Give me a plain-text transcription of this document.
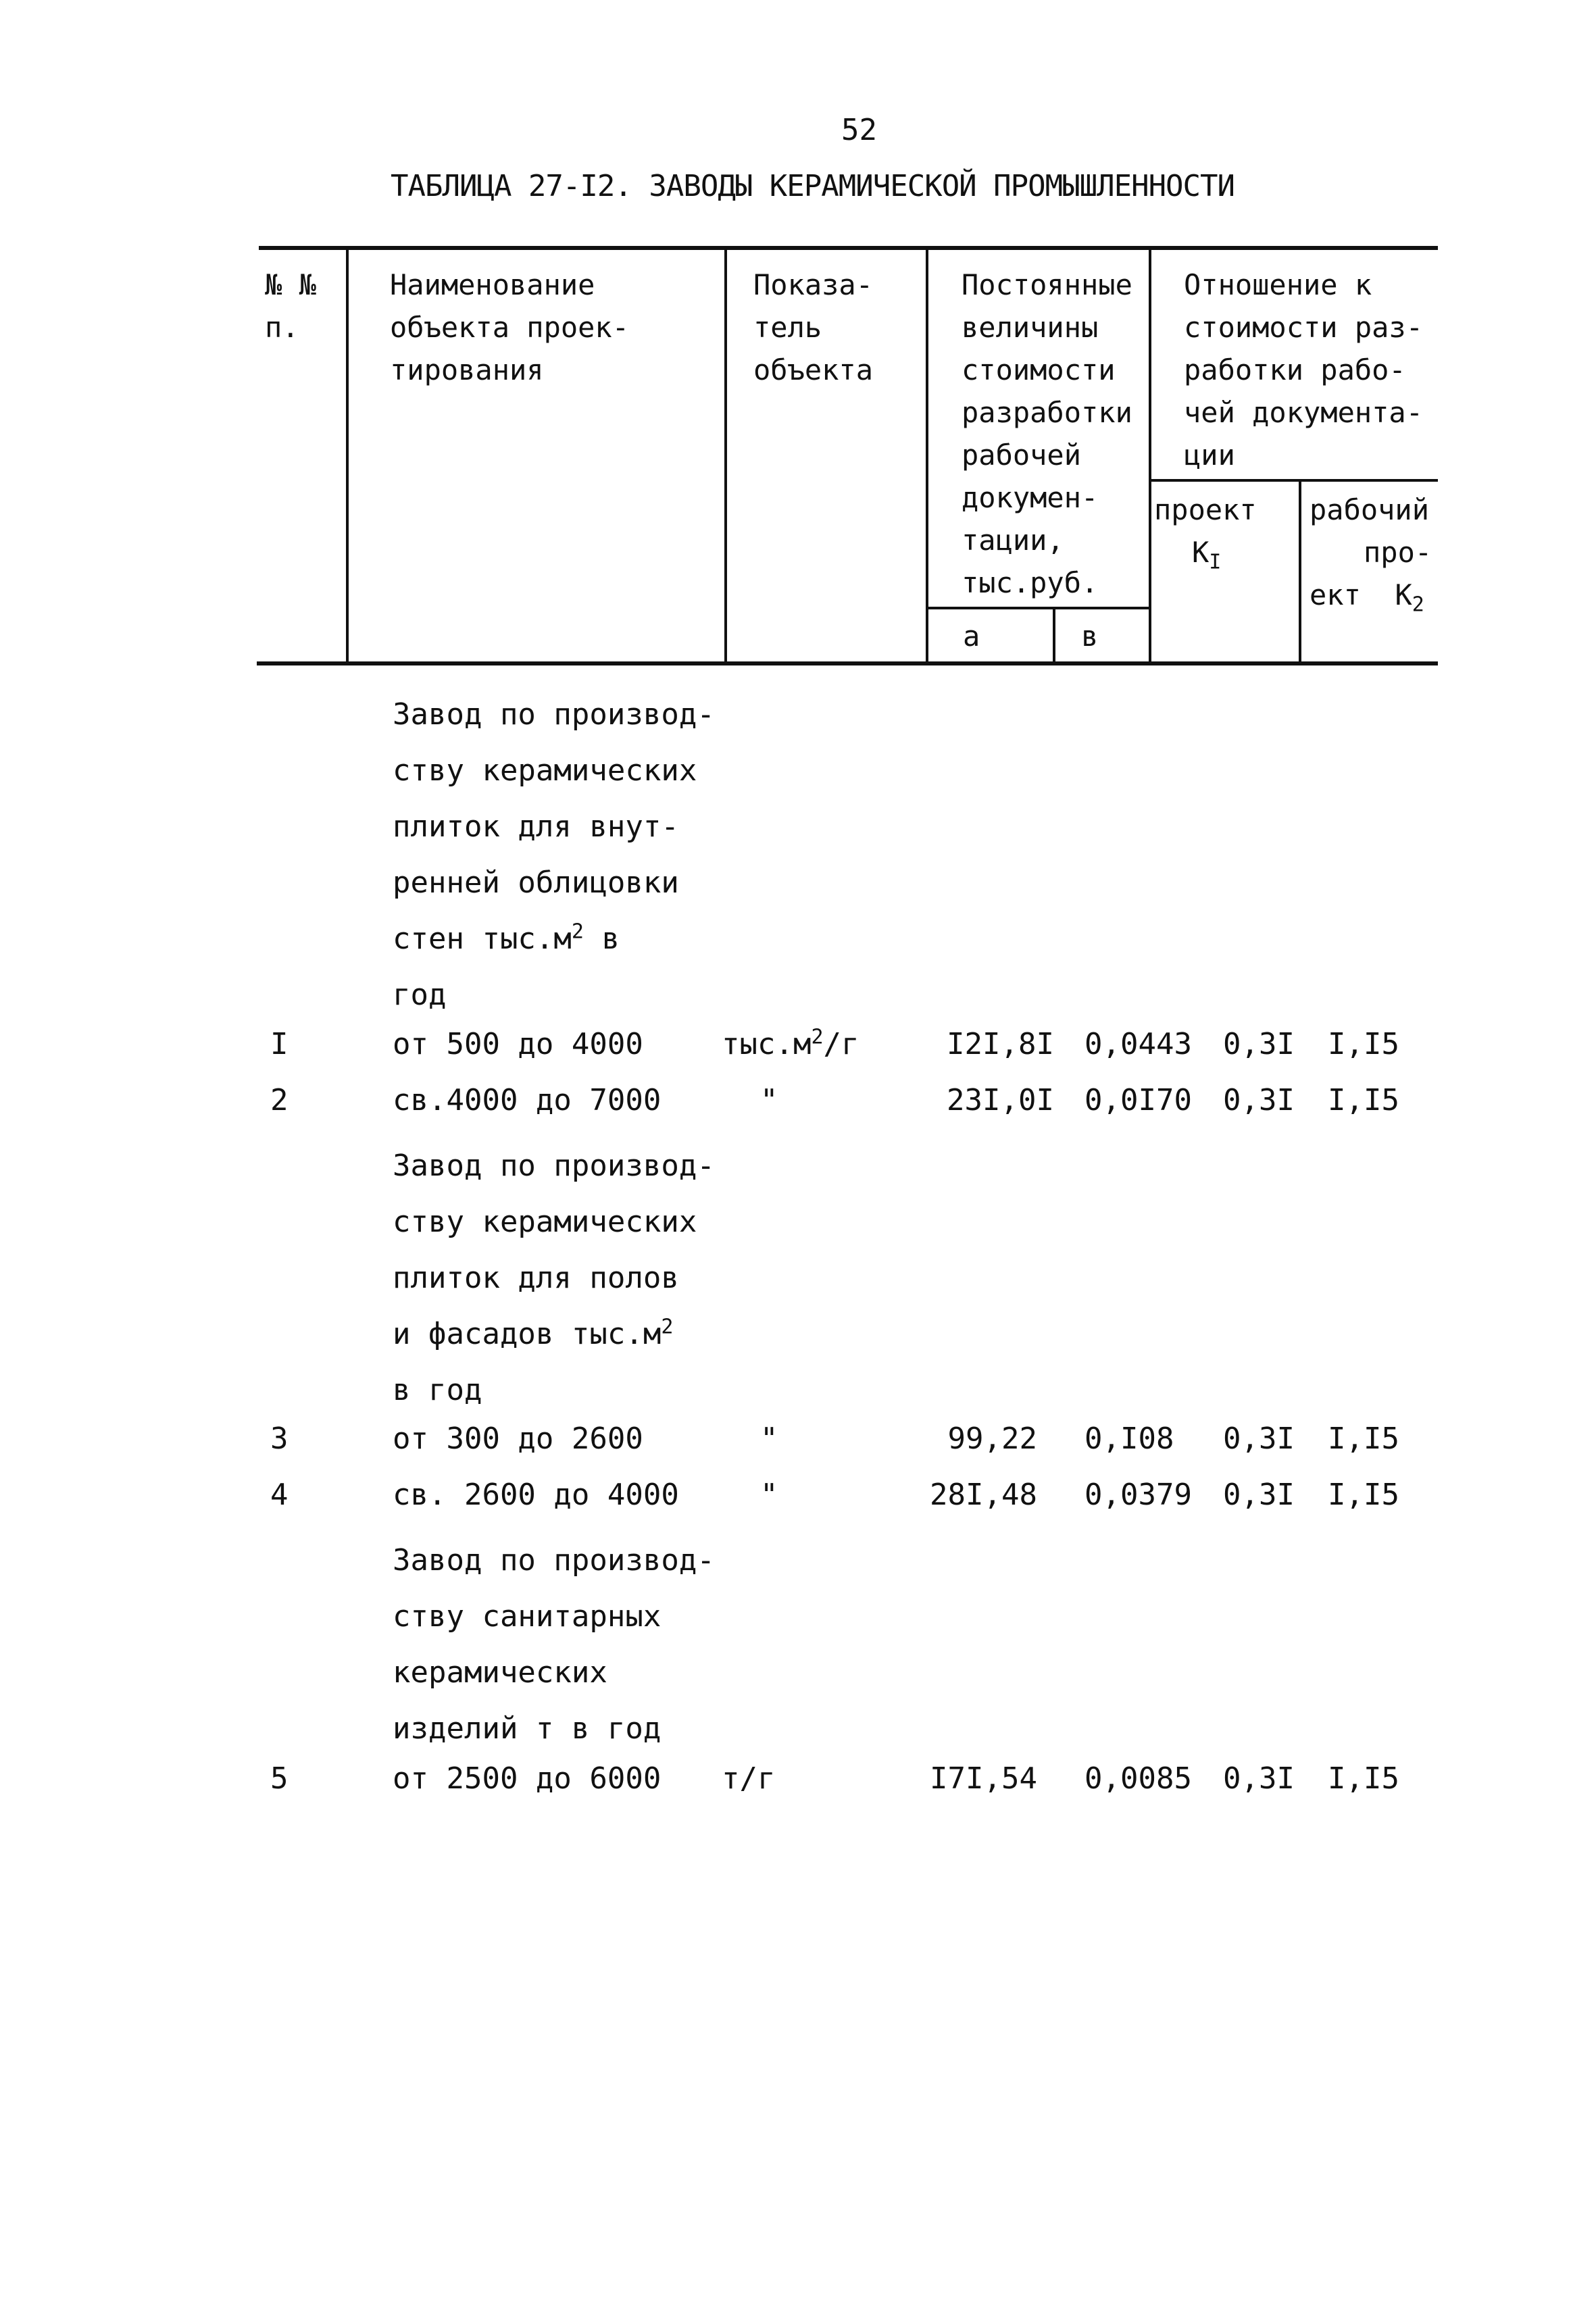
52
ТАБЛИЦА 27-I2. ЗАВОДЫ КЕРАМИЧЕСКОЙ ПРОМЫШЛЕННОСТИ
№ №
п.
Наименование
объекта проек-
тирования
Показа-
тель
объекта
Постоянные
величины
стоимости
разработки
рабочей
докумен-
тации,
тыс.руб.
а	в
Отношение к
стоимости раз-
работки рабо-
чей документа-
ции
проект
$K_I$
рабочий
про-
ект $K_2$
Завод по производ-
ству керамических
плиток для внут-
ренней облицовки
стен $тыс.м^2$ в
год
I	от 500 до 4000	$тыс.м^2/г$	I2I,8I 0,0443 0,3I I,I5
2	св.4000 до 7000	"	23I,0I 0,0I70 0,3I I,I5
Завод по производ-
ству керамических
плиток для полов
и фасадов $тыс.м^2$
в год
3	от 300 до 2600	"	99,22 0,I08 0,3I I,I5
4	св. 2600 до 4000	"	28I,48 0,0379 0,3I I,I5
Завод по производ-
ству санитарных
керамических
изделий т в год
5	от 2500 до 6000 т/г	I7I,54 0,0085 0,3I I,I5
